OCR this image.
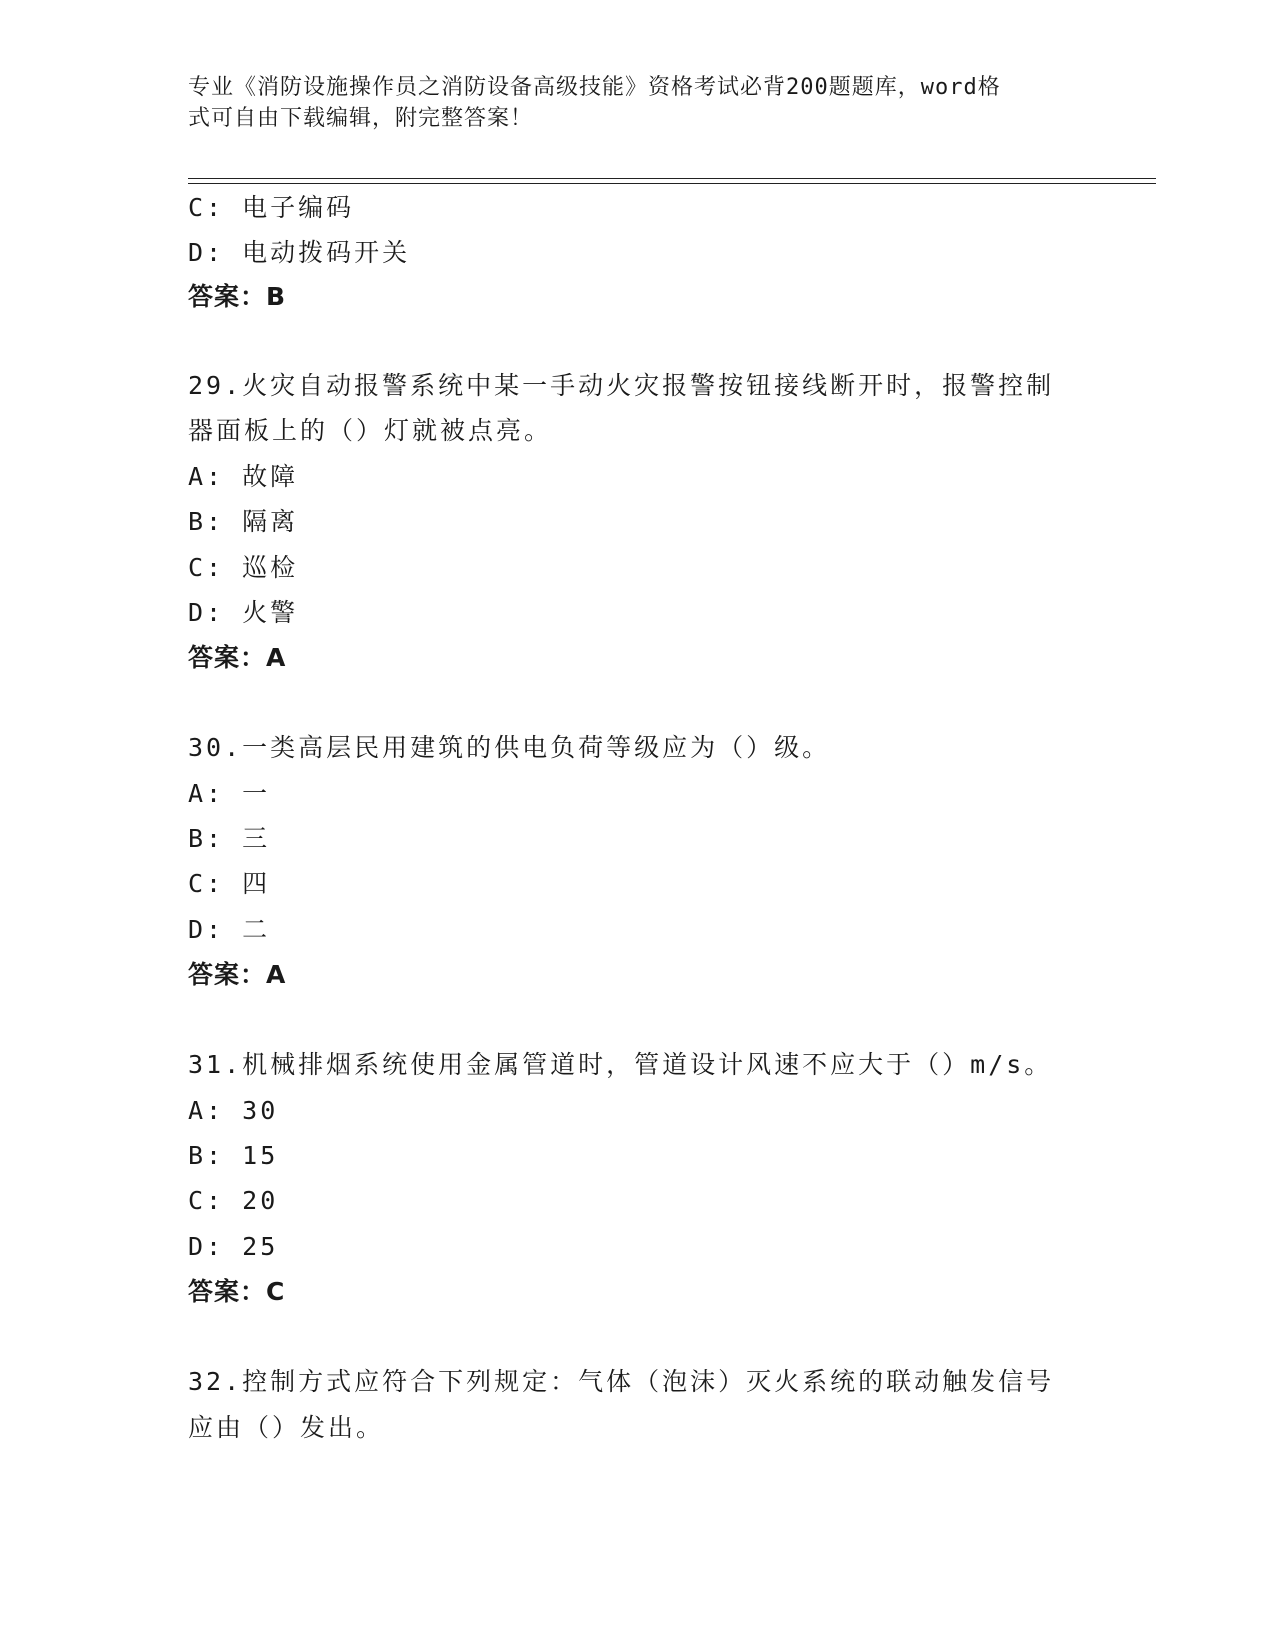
专业《消防设施操作员之消防设备高级技能》资格考试必背200题题库，word格
式可自由下载编辑，附完整答案！
C: 电子编码
D: 电动拨码开关
答案：B
29.火灾自动报警系统中某一手动火灾报警按钮接线断开时，报警控制
器面板上的（）灯就被点亮。
A: 故障
B: 隔离
C: 巡检
D: 火警
答案：A
30.一类高层民用建筑的供电负荷等级应为（）级。
A: 一
B: 三
C: 四
D: 二
答案：A
31.机械排烟系统使用金属管道时，管道设计风速不应大于（）m/s。
A: 30
B: 15
C: 20
D: 25
答案：C
32.控制方式应符合下列规定：气体（泡沫）灭火系统的联动触发信号
应由（）发出。
